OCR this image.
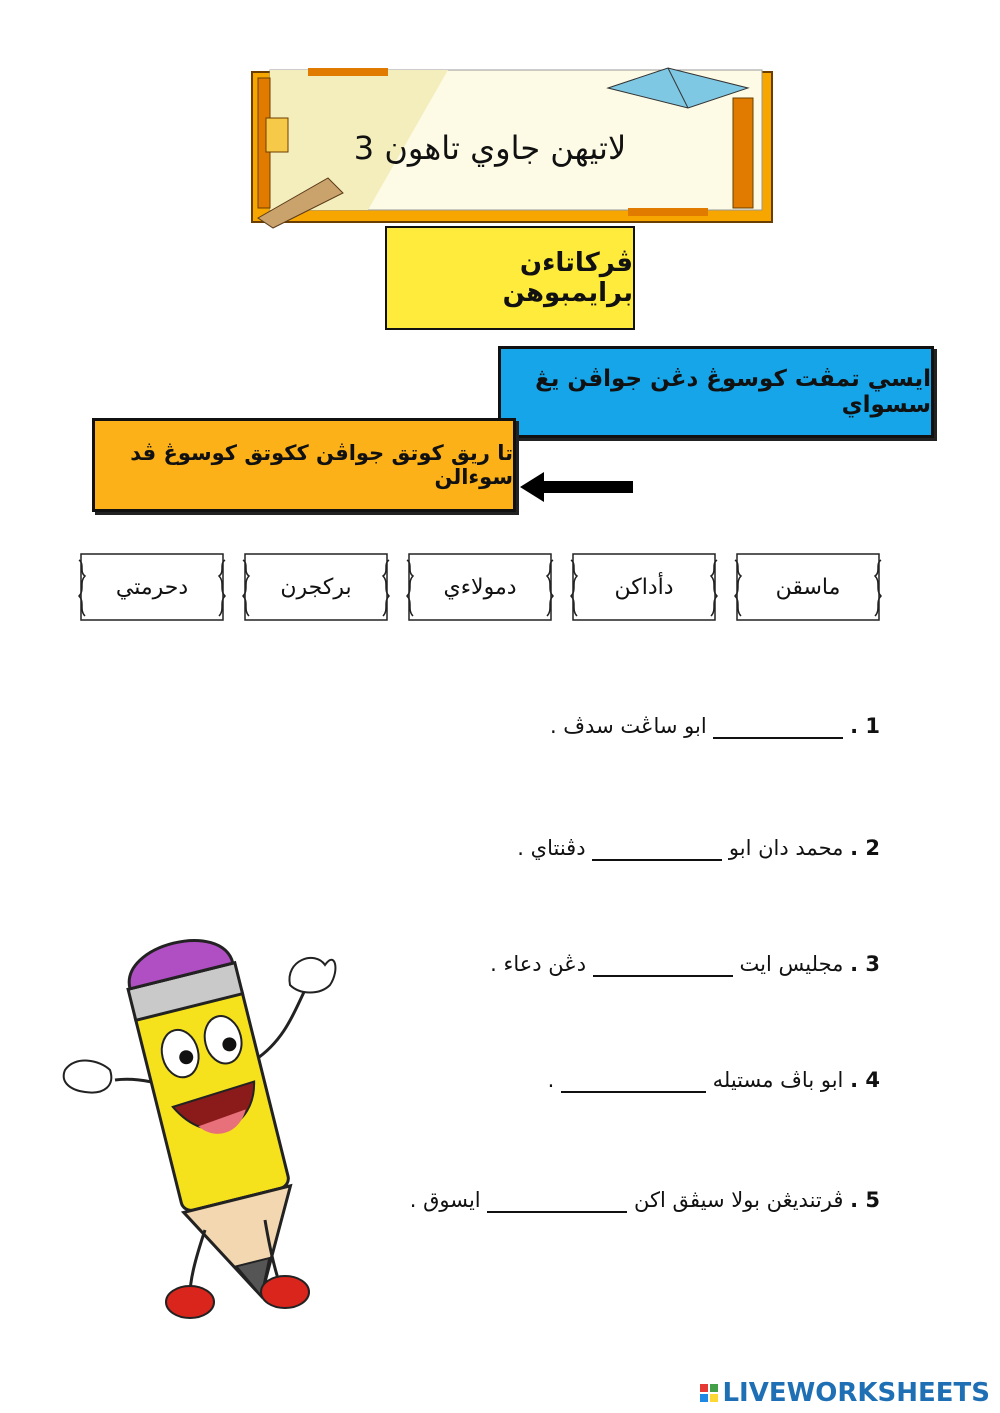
لاتيهن جاوي تاهون 3
ڤركاتاءن برايمبوهن
ايسي تمڤت كوسوڠ دڠن جواڤن يڠ سسواي
تا ريق كوتق جواڤن ككوتق كوسوڠ ڤد سوءالن
ماسقن
دأداكن
دمولاءي
بركجرن
دحرمتي
1 .  ابو ساڠت سدڤ .
2 . محمد دان ابو  دڤنتاي .
3 . مجليس ايت  دڠن دعاء .
4 . ابو باڤ مستيله  .
5 . ڤرتنديڠن بولا سيڤق اكن  ايسوق .
LIVEWORKSHEETS
